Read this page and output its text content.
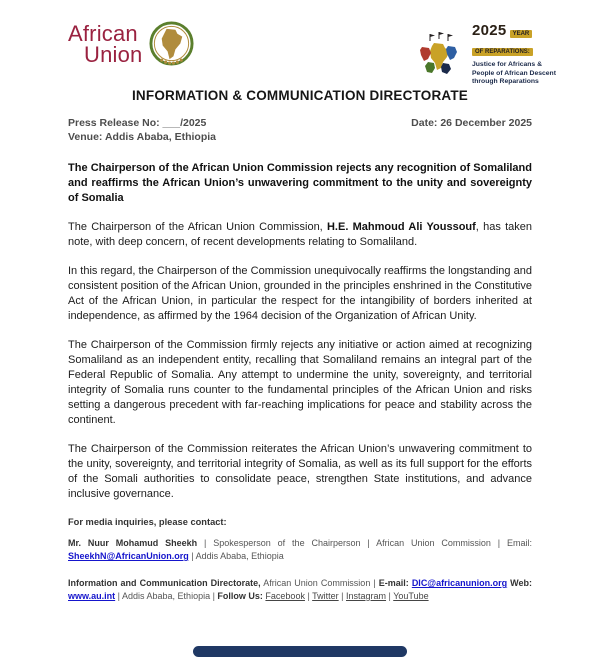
African
Union
2025	YEAR
OF REPARATIONS:
Justice for Africans &
People of African Descent
through Reparations
INFORMATION & COMMUNICATION DIRECTORATE
Press Release No: ___/2025	Date: 26 December 2025
Venue: Addis Ababa, Ethiopia
The Chairperson of the African Union Commission rejects any recognition of Somaliland and reaffirms the African Union’s unwavering commitment to the unity and sovereignty of Somalia

The Chairperson of the African Union Commission, H.E. Mahmoud Ali Youssouf, has taken note, with deep concern, of recent developments relating to Somaliland.

In this regard, the Chairperson of the Commission unequivocally reaffirms the longstanding and consistent position of the African Union, grounded in the principles enshrined in the Constitutive Act of the African Union, in particular the respect for the intangibility of borders inherited at independence, as affirmed by the 1964 decision of the Organization of African Unity.

The Chairperson of the Commission firmly rejects any initiative or action aimed at recognizing Somaliland as an independent entity, recalling that Somaliland remains an integral part of the Federal Republic of Somalia. Any attempt to undermine the unity, sovereignty, and territorial integrity of Somalia runs counter to the fundamental principles of the African Union and risks setting a dangerous precedent with far-reaching implications for peace and stability across the continent.

The Chairperson of the Commission reiterates the African Union’s unwavering commitment to the unity, sovereignty, and territorial integrity of Somalia, as well as its full support for the efforts of the Somali authorities to consolidate peace, strengthen State institutions, and advance inclusive governance.

For media inquiries, please contact:
Mr. Nuur Mohamud Sheekh | Spokesperson of the Chairperson | African Union Commission | Email: SheekhN@AfricanUnion.org | Addis Ababa, Ethiopia
Information and Communication Directorate, African Union Commission | E-mail: DIC@africanunion.org Web: www.au.int | Addis Ababa, Ethiopia | Follow Us: Facebook | Twitter | Instagram | YouTube
